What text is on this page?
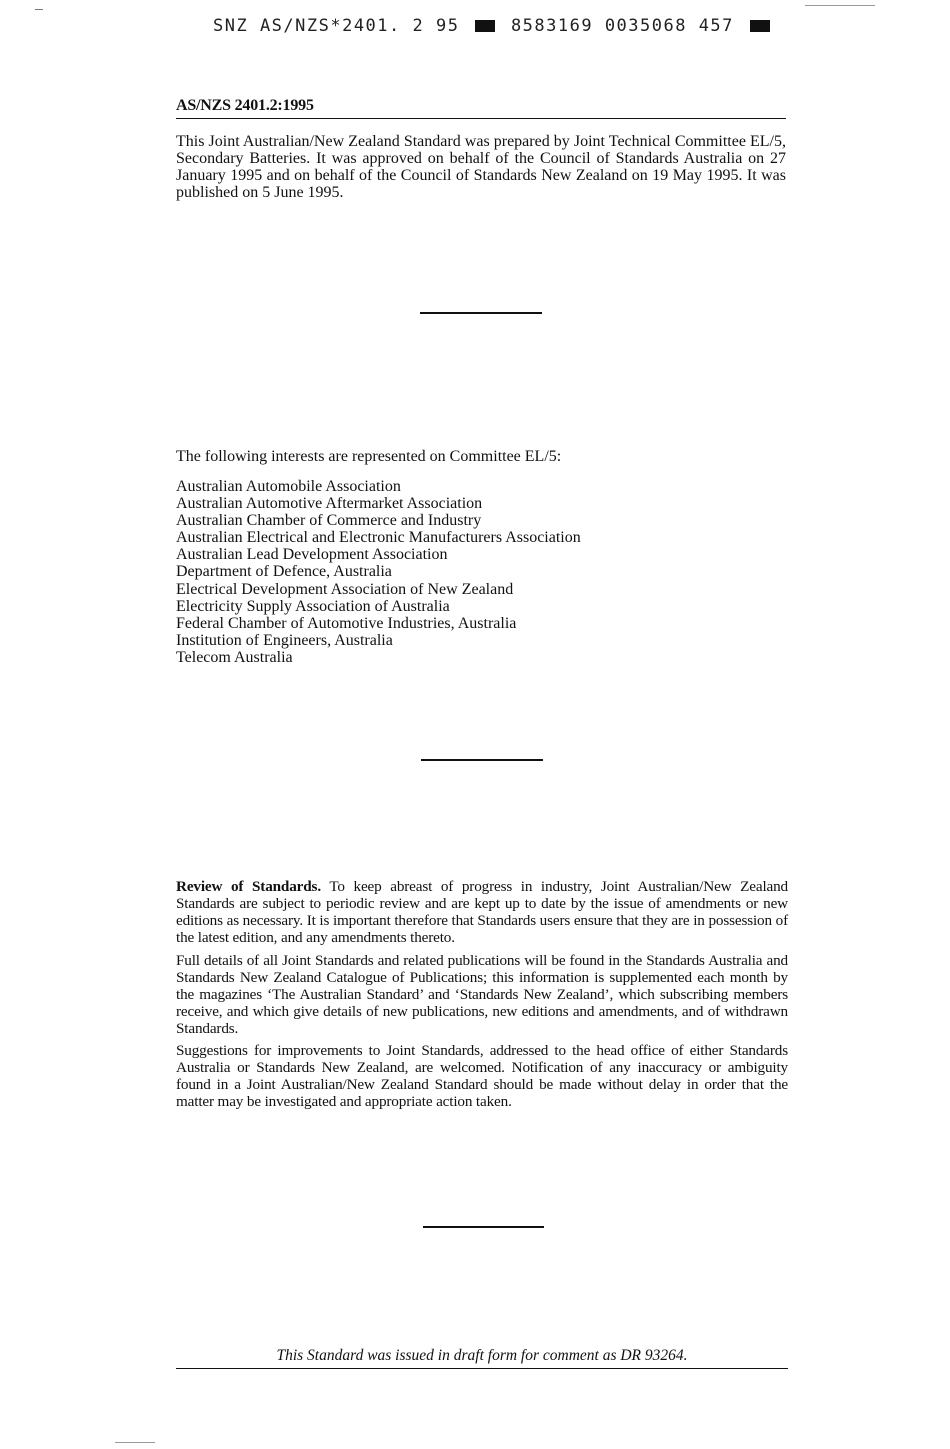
SNZ AS/NZS*2401. 2 95	8583169 0035068 457
AS/NZS 2401.2:1995
This Joint Australian/New Zealand Standard was prepared by Joint Technical Committee EL/5, Secondary Batteries. It was approved on behalf of the Council of Standards Australia on 27 January 1995 and on behalf of the Council of Standards New Zealand on 19 May 1995. It was published on 5 June 1995.
The following interests are represented on Committee EL/5:
Australian Automobile Association
Australian Automotive Aftermarket Association
Australian Chamber of Commerce and Industry
Australian Electrical and Electronic Manufacturers Association
Australian Lead Development Association
Department of Defence, Australia
Electrical Development Association of New Zealand
Electricity Supply Association of Australia
Federal Chamber of Automotive Industries, Australia
Institution of Engineers, Australia
Telecom Australia
Review of Standards. To keep abreast of progress in industry, Joint Australian/New Zealand Standards are subject to periodic review and are kept up to date by the issue of amendments or new editions as necessary. It is important therefore that Standards users ensure that they are in possession of the latest edition, and any amendments thereto.
Full details of all Joint Standards and related publications will be found in the Standards Australia and Standards New Zealand Catalogue of Publications; this information is supplemented each month by the magazines ‘The Australian Standard’ and ‘Standards New Zealand’, which subscribing members receive, and which give details of new publications, new editions and amendments, and of withdrawn Standards.
Suggestions for improvements to Joint Standards, addressed to the head office of either Standards Australia or Standards New Zealand, are welcomed. Notification of any inaccuracy or ambiguity found in a Joint Australian/New Zealand Standard should be made without delay in order that the matter may be investigated and appropriate action taken.
This Standard was issued in draft form for comment as DR 93264.
